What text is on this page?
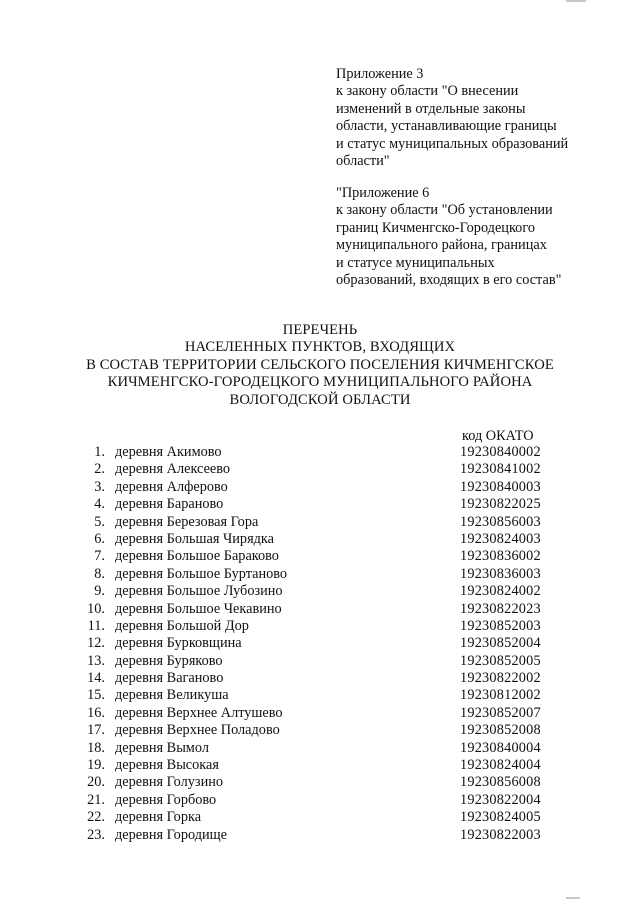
Приложение 3
к закону области "О внесении
изменений в отдельные законы
области, устанавливающие границы
и статус муниципальных образований
области"
"Приложение 6
к закону области "Об установлении
границ Кичменгско-Городецкого
муниципального района, границах
и статусе муниципальных
образований, входящих в его состав"
ПЕРЕЧЕНЬ
НАСЕЛЕННЫХ ПУНКТОВ, ВХОДЯЩИХ
В СОСТАВ ТЕРРИТОРИИ СЕЛЬСКОГО ПОСЕЛЕНИЯ КИЧМЕНГСКОЕ
КИЧМЕНГСКО-ГОРОДЕЦКОГО МУНИЦИПАЛЬНОГО РАЙОНА
ВОЛОГОДСКОЙ ОБЛАСТИ
код ОКАТО
1. деревня Акимово	19230840002
2. деревня Алексеево	19230841002
3. деревня Алферово	19230840003
4. деревня Бараново	19230822025
5. деревня Березовая Гора	19230856003
6. деревня Большая Чирядка	19230824003
7. деревня Большое Бараково	19230836002
8. деревня Большое Буртаново	19230836003
9. деревня Большое Лубозино	19230824002
10. деревня Большое Чекавино	19230822023
11. деревня Большой Дор	19230852003
12. деревня Бурковщина	19230852004
13. деревня Буряково	19230852005
14. деревня Ваганово	19230822002
15. деревня Великуша	19230812002
16. деревня Верхнее Алтушево	19230852007
17. деревня Верхнее Поладово	19230852008
18. деревня Вымол	19230840004
19. деревня Высокая	19230824004
20. деревня Голузино	19230856008
21. деревня Горбово	19230822004
22. деревня Горка	19230824005
23. деревня Городище	19230822003
